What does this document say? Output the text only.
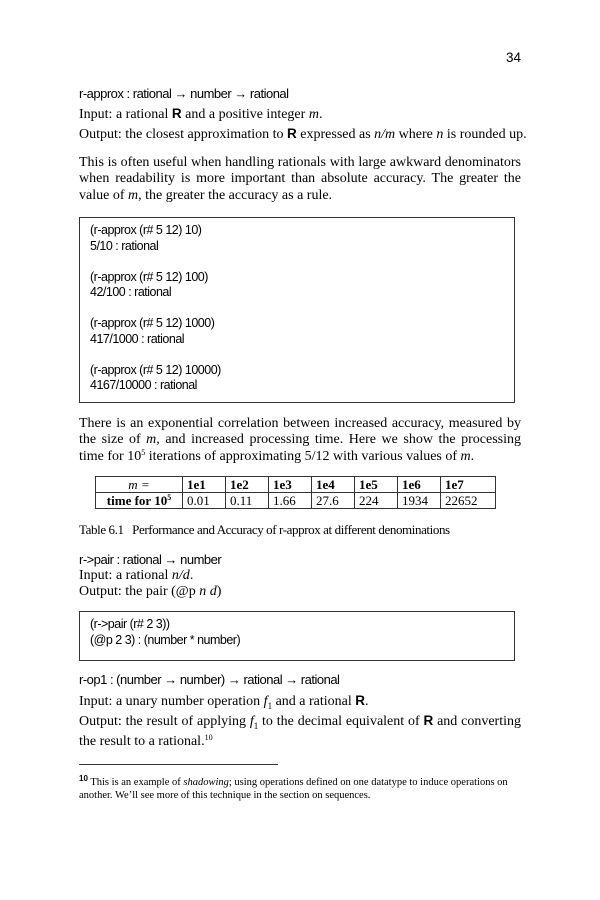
34
r-approx : rational → number → rational
Input: a rational R and a positive integer m.
Output: the closest approximation to R expressed as n/m where n is rounded up.
This is often useful when handling rationals with large awkward denominators when readability is more important than absolute accuracy. The greater the value of m, the greater the accuracy as a rule.
(r-approx (r# 5 12) 10)
5/10 : rational
(r-approx (r# 5 12) 100)
42/100 : rational
(r-approx (r# 5 12) 1000)
417/1000 : rational
(r-approx (r# 5 12) 10000)
4167/10000 : rational
There is an exponential correlation between increased accuracy, measured by the size of m, and increased processing time. Here we show the processing time for $10^5$ iterations of approximating 5/12 with various values of m.
m =	1e1	1e2	1e3	1e4	1e5	1e6	1e7
time for $10^5$	0.01	0.11	1.66	27.6	224	1934	22652
Table 6.1   Performance and Accuracy of r-approx at different denominations
r->pair : rational → number
Input: a rational n/d.
Output: the pair (@p n d)
(r->pair (r# 2 3))
(@p 2 3) : (number * number)
r-op1 : (number → number) → rational → rational
Input: a unary number operation $f_1$ and a rational R.
Output: the result of applying $f_1$ to the decimal equivalent of R and converting the result to a rational.$^{10}$
$^{10}$ This is an example of shadowing; using operations defined on one datatype to induce operations on another. We’ll see more of this technique in the section on sequences.
